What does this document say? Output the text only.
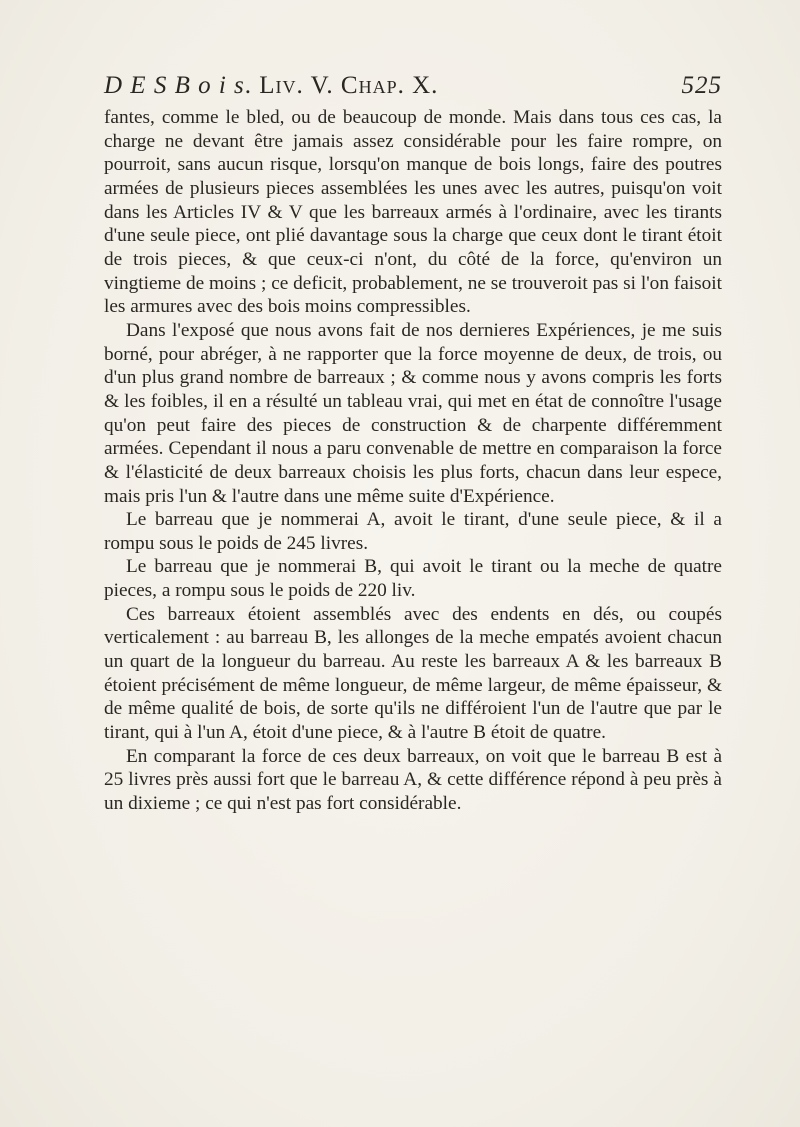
D E S B o i s. Liv. V. Chap. X.	525

fantes, comme le bled, ou de beaucoup de monde. Mais dans tous ces cas, la charge ne devant être jamais assez considérable pour les faire rompre, on pourroit, sans aucun risque, lorsqu'on manque de bois longs, faire des poutres armées de plusieurs pieces assemblées les unes avec les autres, puisqu'on voit dans les Articles IV & V que les barreaux armés à l'ordinaire, avec les tirants d'une seule piece, ont plié davantage sous la charge que ceux dont le tirant étoit de trois pieces, & que ceux-ci n'ont, du côté de la force, qu'environ un vingtieme de moins ; ce deficit, probablement, ne se trouveroit pas si l'on faisoit les armures avec des bois moins compressibles.

Dans l'exposé que nous avons fait de nos dernieres Expériences, je me suis borné, pour abréger, à ne rapporter que la force moyenne de deux, de trois, ou d'un plus grand nombre de barreaux ; & comme nous y avons compris les forts & les foibles, il en a résulté un tableau vrai, qui met en état de connoître l'usage qu'on peut faire des pieces de construction & de charpente différemment armées. Cependant il nous a paru convenable de mettre en comparaison la force & l'élasticité de deux barreaux choisis les plus forts, chacun dans leur espece, mais pris l'un & l'autre dans une même suite d'Expérience.

Le barreau que je nommerai A, avoit le tirant, d'une seule piece, & il a rompu sous le poids de 245 livres.

Le barreau que je nommerai B, qui avoit le tirant ou la meche de quatre pieces, a rompu sous le poids de 220 liv.

Ces barreaux étoient assemblés avec des endents en dés, ou coupés verticalement : au barreau B, les allonges de la meche empatés avoient chacun un quart de la longueur du barreau. Au reste les barreaux A & les barreaux B étoient précisément de même longueur, de même largeur, de même épaisseur, & de même qualité de bois, de sorte qu'ils ne différoient l'un de l'autre que par le tirant, qui à l'un A, étoit d'une piece, & à l'autre B étoit de quatre.

En comparant la force de ces deux barreaux, on voit que le barreau B est à 25 livres près aussi fort que le barreau A, & cette différence répond à peu près à un dixieme ; ce qui n'est pas fort considérable.
